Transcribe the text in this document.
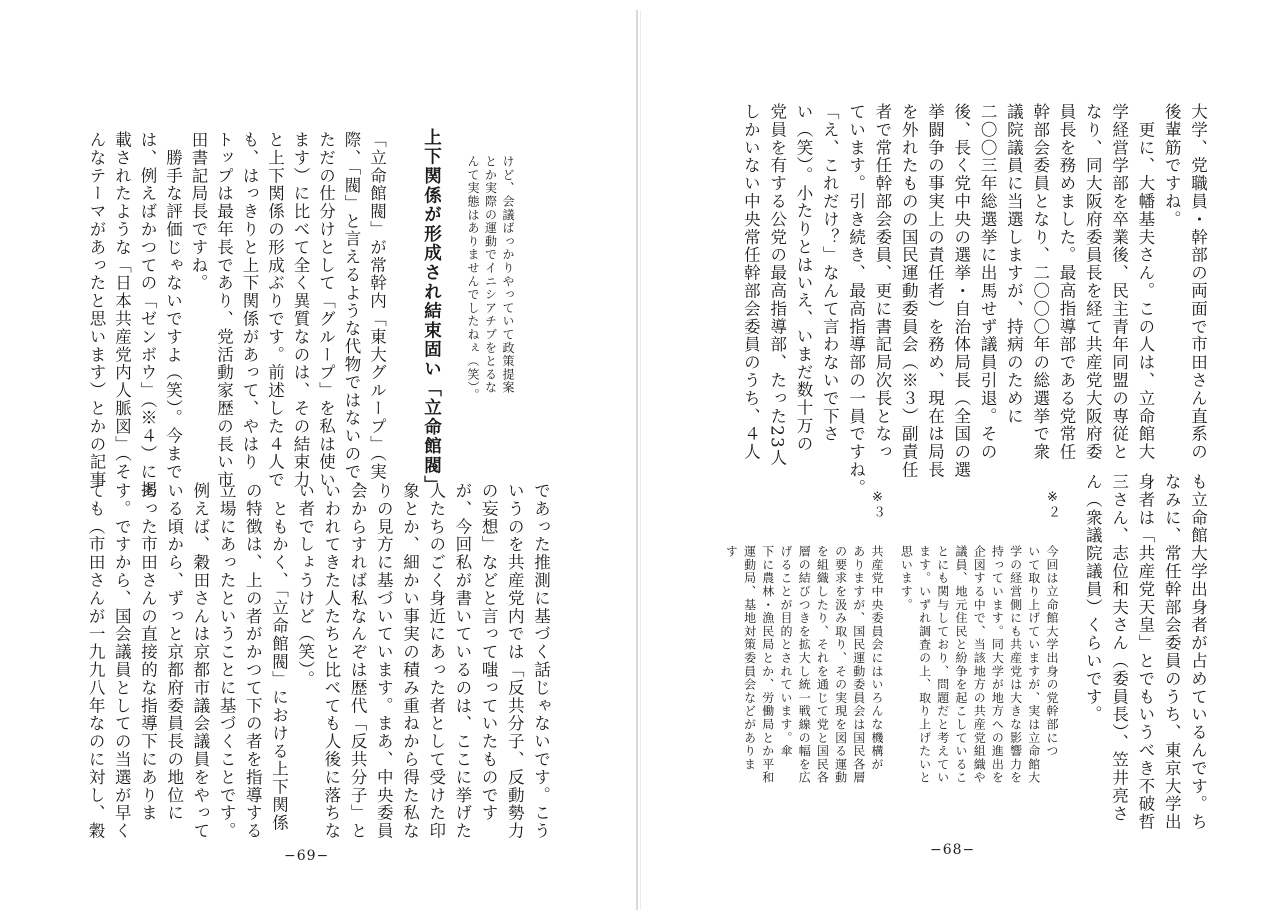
けど、会議ばっかりやっていて政策提案
とか実際の運動でイニシアチブをとるな
んて実態はありませんでしたねぇ（笑）。
上下関係が形成され結束固い「立命館閥」
「立命館閥」が常幹内「東大グループ」（実
際、「閥」と言えるような代物ではないので、
ただの仕分けとして「グループ」を私は使い
ます）に比べて全く異質なのは、その結束力
と上下関係の形成ぶりです。前述した４人で
も、はっきりと上下関係があって、やはり
トップは最年長であり、党活動家歴の長い市
田書記局長ですね。
　勝手な評価じゃないですよ（笑）。今まで
は、例えばかつての「ゼンボウ」（※４）に掲
載されたような「日本共産党内人脈図」（そ
んなテーマがあったと思います）とかの記事
であった推測に基づく話じゃないです。こう
いうのを共産党内では「反共分子、反動勢力
の妄想」などと言って嗤っていたものです
が、今回私が書いているのは、ここに挙げた
人たちのごく身近にあった者として受けた印
象とか、細かい事実の積み重ねから得た私な
りの見方に基づいています。まあ、中央委員
会からすれば私なんぞは歴代「反共分子」と
いわれてきた人たちと比べても人後に落ちな
い者でしょうけど（笑）。
　ともかく、「立命館閥」における上下関係
の特徴は、上の者がかつて下の者を指導する
立場にあったということに基づくことです。
例えば、穀田さんは京都市議会議員をやって
いる頃から、ずっと京都府委員長の地位に
あった市田さんの直接的な指導下にありま
す。ですから、国会議員としての当選が早く
ても（市田さんが一九九八年なのに対し、穀
大学、党職員・幹部の両面で市田さん直系の
後輩筋ですね。
　更に、大幡基夫さん。この人は、立命館大
学経営学部を卒業後、民主青年同盟の専従と
なり、同大阪府委員長を経て共産党大阪府委
員長を務めました。最高指導部である党常任
幹部会委員となり、二〇〇〇年の総選挙で衆
議院議員に当選しますが、持病のために
二〇〇三年総選挙に出馬せず議員引退。その
後、長く党中央の選挙・自治体局長（全国の選
挙闘争の事実上の責任者）を務め、現在は局長
を外れたものの国民運動委員会（※３）副責任
者で常任幹部会委員、更に書記局次長となっ
ています。引き続き、最高指導部の一員ですね。
「え、これだけ？」なんて言わないで下さ
い（笑）。小たりとはいえ、いまだ数十万の
党員を有する公党の最高指導部、たった23人
しかいない中央常任幹部会委員のうち、４人
も立命館大学出身者が占めているんです。ち
なみに、常任幹部会委員のうち、東京大学出
身者は「共産党天皇」とでもいうべき不破哲
三さん、志位和夫さん（委員長）、笠井亮さ
ん（衆議院議員）くらいです。
※２
今回は立命館大学出身の党幹部につ
いて取り上げていますが、実は立命館大
学の経営側にも共産党は大きな影響力を
持っています。同大学が地方への進出を
企図する中で、当該地方の共産党組織や
議員、地元住民と紛争を起こしているこ
とにも関与しており、問題だと考えてい
ます。いずれ調査の上、取り上げたいと
思います。
※３
共産党中央委員会にはいろんな機構が
ありますが、国民運動委員会は国民各層
の要求を汲み取り、その実現を図る運動
を組織したり、それを通じて党と国民各
層の結びつきを拡大し統一戦線の幅を広
げることが目的とされています。傘
下に農林・漁民局とか、労働局とか平和
運動局、基地対策委員会などがありま
す
−69−	−68−
